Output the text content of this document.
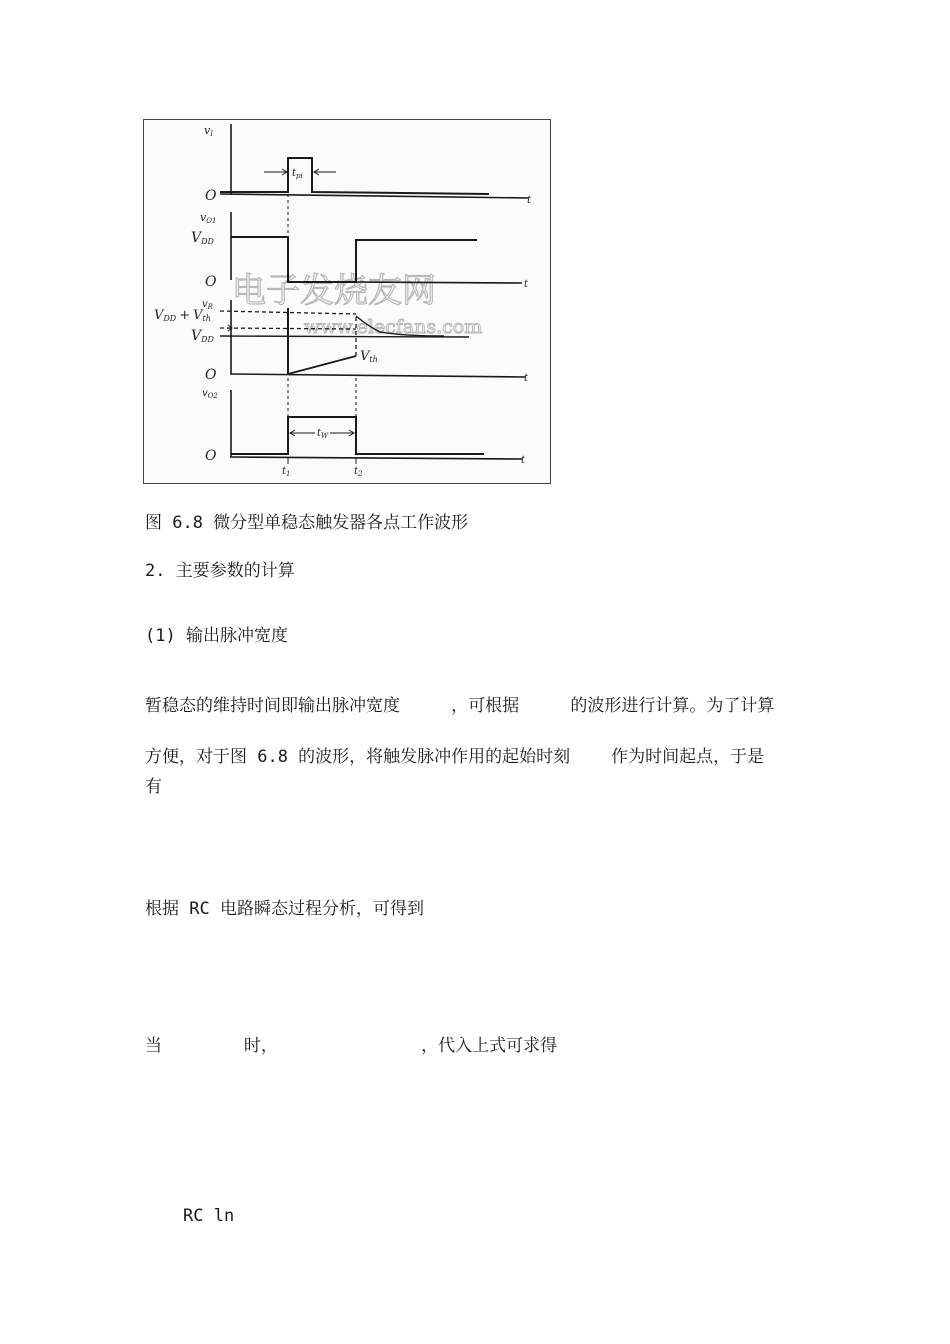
电子发烧友网
www.elecfans.com
vI
$t_{pi}$
O	t
vO1
VDD
O	t
$v_R$
VDD + Vth
VDD
Vth
O	t
$v_{O2}$
$t_W$
O	t
$t_1$	$t_2$

图 6.8 微分型单稳态触发器各点工作波形

2. 主要参数的计算

(1) 输出脉冲宽度

暂稳态的维持时间即输出脉冲宽度     ，可根据     的波形进行计算。为了计算

方便，对于图 6.8 的波形，将触发脉冲作用的起始时刻    作为时间起点，于是

有

根据 RC 电路瞬态过程分析，可得到

当        时，              ，代入上式可求得

RC ln
